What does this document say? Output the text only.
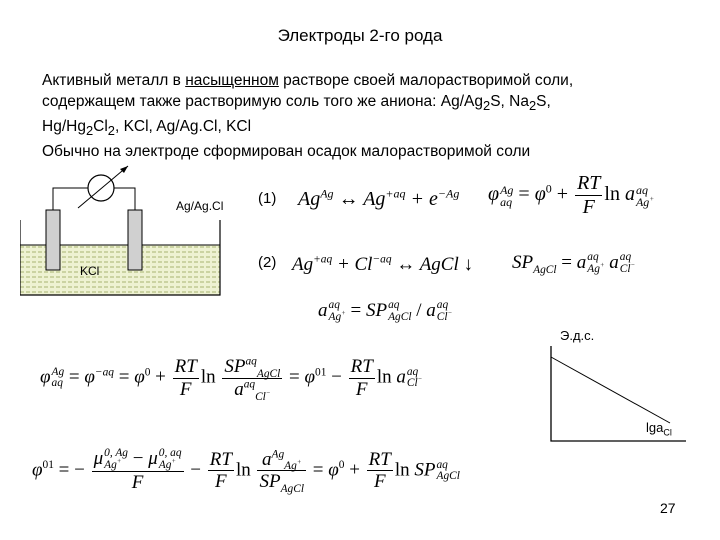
Электроды 2-го рода
Активный металл в насыщенном растворе своей малорастворимой соли,
содержащем также растворимую соль того же аниона: $Ag/Ag_2S$, $Na_2S$,
$Hg/Hg_2Cl_2$, KCl, Ag/Ag.Cl, KCl
Обычно на электроде сформирован осадок малорастворимой соли
Ag/Ag.Cl
KCl
(1) $Ag^{Ag}$ ↔ $Ag^{+aq} + e^{-Ag}$ φ Ag
aq = $\varphi^0 + \frac{RT}{F}$ ln a aq
Ag+
(2) $Ag^{+aq} + Cl^{-aq}$ ↔ AgCl ↓ $SP_{AgCl} = a$ aq
Ag+ a aq
Cl−
a aq
Ag+ = SP aq
AgCl / a aq
Cl−
φ Ag
aq = $\varphi^{-aq} = \varphi^0 + \frac{RT}{F}$ $\ln \frac{SP^{aq}_{AgCl}}{a^{aq}_{Cl^-}} = \varphi^{01} - \frac{RT}{F}$ ln a aq
Cl−
$\varphi^{01}$ = − μ 0, Ag
Ag+ − μ 0, aq
Ag+
$F - \frac{RT}{F}$ $\ln \frac{a^{Ag}_{Ag^+}}{SP_{AgCl}} = \varphi^0 + \frac{RT}{F}$ ln SP aq
AgCl
Э.д.с.
lga$_{Cl}$
27
